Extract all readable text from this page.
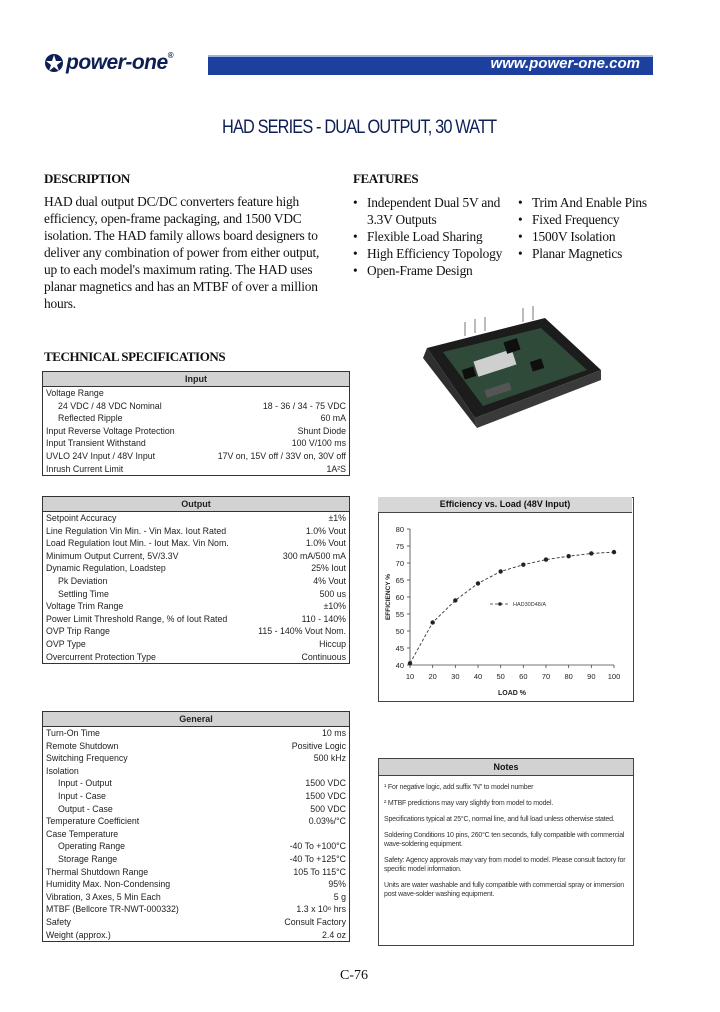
power-one®	www.power-one.com
HAD SERIES - DUAL OUTPUT, 30 WATT
DESCRIPTION
HAD dual output DC/DC converters feature high efficiency, open-frame packaging, and 1500 VDC isolation. The HAD family allows board designers to deliver any combination of power from either output, up to each model's maximum rating. The HAD uses planar magnetics and has an MTBF of over a million hours.
FEATURES
• Independent Dual 5V and 3.3V Outputs
• Flexible Load Sharing
• High Efficiency Topology
• Open-Frame Design
• Trim And Enable Pins
• Fixed Frequency
• 1500V Isolation
• Planar Magnetics
TECHNICAL SPECIFICATIONS
Input
Voltage Range
24 VDC / 48 VDC Nominal	18 - 36 / 34 - 75 VDC
Reflected Ripple	60 mA
Input Reverse Voltage Protection	Shunt Diode
Input Transient Withstand	100 V/100 ms
UVLO 24V Input / 48V Input	17V on, 15V off / 33V on, 30V off
Inrush Current Limit	1A²S
Output
Setpoint Accuracy	±1%
Line Regulation Vin Min. - Vin Max. Iout Rated	1.0% Vout
Load Regulation Iout Min. - Iout Max. Vin Nom.	1.0% Vout
Minimum Output Current, 5V/3.3V	300 mA/500 mA
Dynamic Regulation, Loadstep	25% Iout
Pk Deviation	4% Vout
Settling Time	500 us
Voltage Trim Range	±10%
Power Limit Threshold Range, % of Iout Rated	110 - 140%
OVP Trip Range	115 - 140% Vout Nom.
OVP Type	Hiccup
Overcurrent Protection Type	Continuous
General
Turn-On Time	10 ms
Remote Shutdown	Positive Logic
Switching Frequency	500 kHz
Isolation
Input - Output	1500 VDC
Input - Case	1500 VDC
Output - Case	500 VDC
Temperature Coefficient	0.03%/°C
Case Temperature
Operating Range	-40 To +100°C
Storage Range	-40 To +125°C
Thermal Shutdown Range	105 To 115°C
Humidity Max. Non-Condensing	95%
Vibration, 3 Axes, 5 Min Each	5 g
MTBF (Bellcore TR-NWT-000332)	1.3 x 10⁶ hrs
Safety	Consult Factory
Weight (approx.)	2.4 oz
Efficiency vs. Load (48V Input)
40
45
50
55
60
65
70
75
80
10 20 30 40 50 60 70 80 90 100
LOAD %
EFFICIENCY %	HAD30D48/A
Notes
¹ For negative logic, add suffix "N" to model number
² MTBF predictions may vary slightly from model to model.
Specifications typical at 25°C, normal line, and full load unless otherwise stated.
Soldering Conditions 10 pins, 260°C ten seconds, fully compatible with commercial wave-soldering equipment.
Safety: Agency approvals may vary from model to model. Please consult factory for specific model information.
Units are water washable and fully compatible with commercial spray or immersion post wave-solder washing equipment.
C-76
